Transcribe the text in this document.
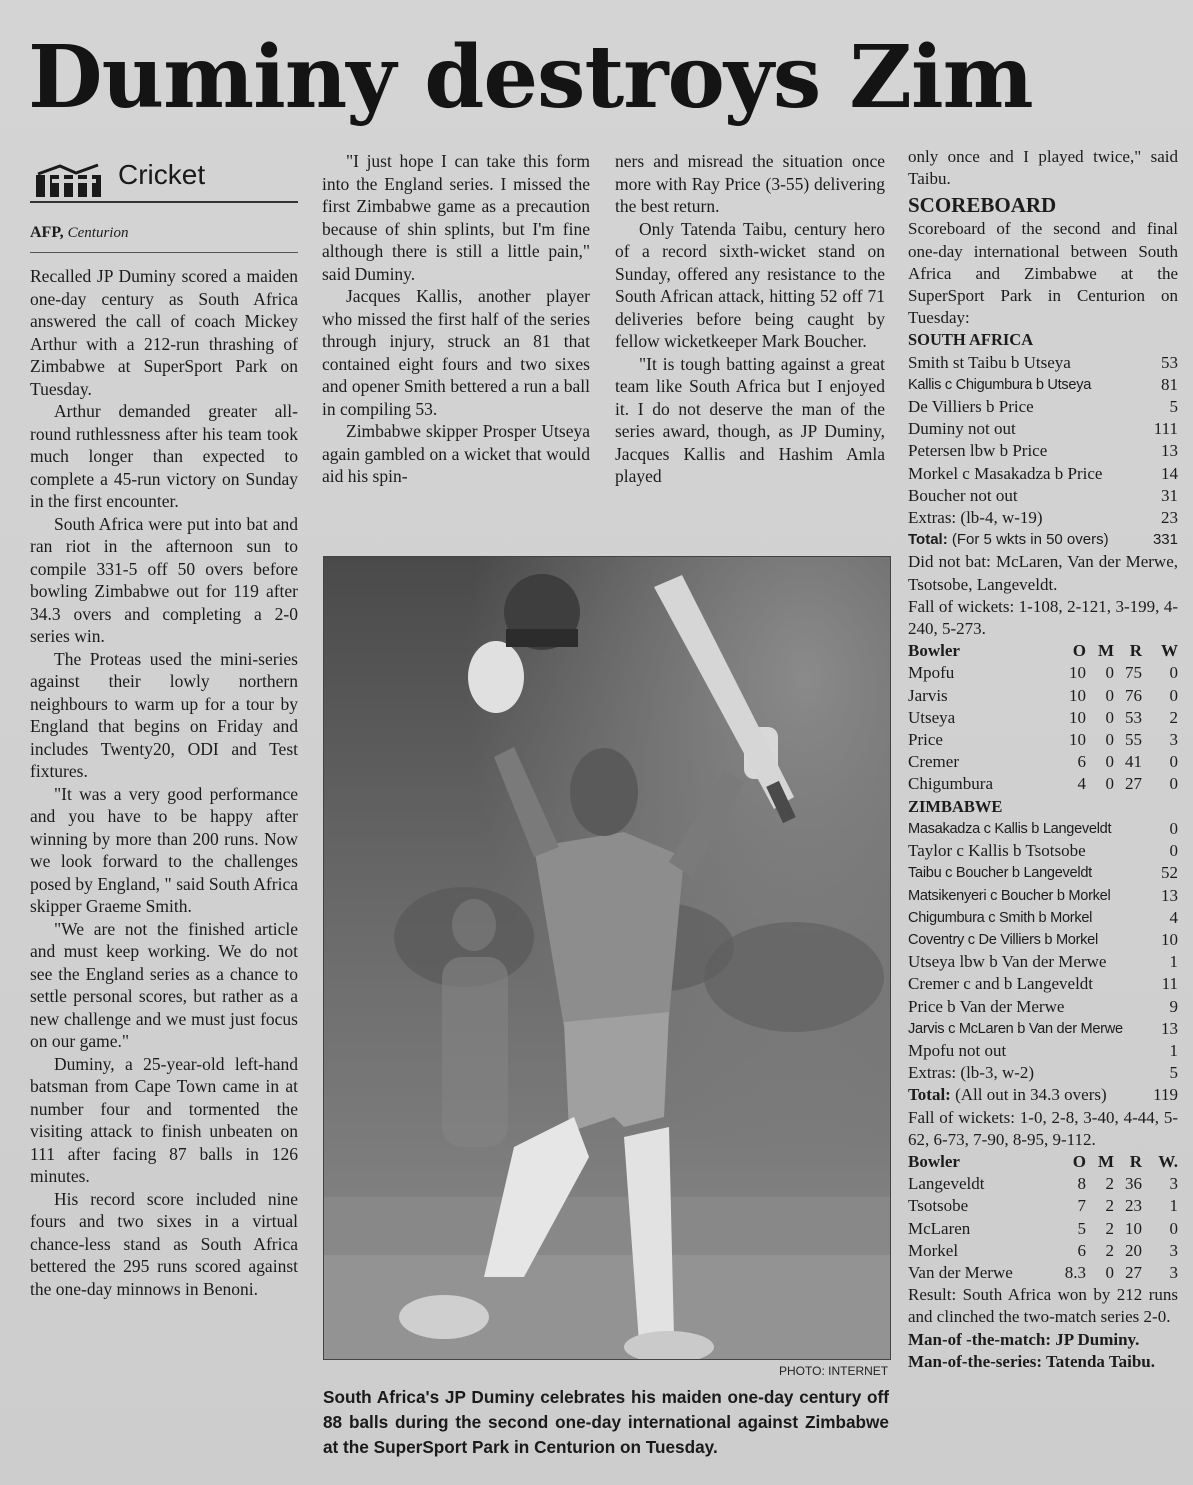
Duminy destroys Zim
Cricket
AFP, Centurion

Recalled JP Duminy scored a maiden one-day century as South Africa answered the call of coach Mickey Arthur with a 212-run thrashing of Zimbabwe at SuperSport Park on Tuesday.

Arthur demanded greater all-round ruthlessness after his team took much longer than expected to complete a 45-run victory on Sunday in the first encounter.

South Africa were put into bat and ran riot in the afternoon sun to compile 331-5 off 50 overs before bowling Zimbabwe out for 119 after 34.3 overs and completing a 2-0 series win.

The Proteas used the mini-series against their lowly northern neighbours to warm up for a tour by England that begins on Friday and includes Twenty20, ODI and Test fixtures.

"It was a very good performance and you have to be happy after winning by more than 200 runs. Now we look forward to the challenges posed by England, " said South Africa skipper Graeme Smith.

"We are not the finished article and must keep working. We do not see the England series as a chance to settle personal scores, but rather as a new challenge and we must just focus on our game."

Duminy, a 25-year-old left-hand batsman from Cape Town came in at number four and tormented the visiting attack to finish unbeaten on 111 after facing 87 balls in 126 minutes.

His record score included nine fours and two sixes in a virtual chance-less stand as South Africa bettered the 295 runs scored against the one-day minnows in Benoni.

"I just hope I can take this form into the England series. I missed the first Zimbabwe game as a precaution because of shin splints, but I'm fine although there is still a little pain," said Duminy.

Jacques Kallis, another player who missed the first half of the series through injury, struck an 81 that contained eight fours and two sixes and opener Smith bettered a run a ball in compiling 53.

Zimbabwe skipper Prosper Utseya again gambled on a wicket that would aid his spin-

ners and misread the situation once more with Ray Price (3-55) delivering the best return.

Only Tatenda Taibu, century hero of a record sixth-wicket stand on Sunday, offered any resistance to the South African attack, hitting 52 off 71 deliveries before being caught by fellow wicketkeeper Mark Boucher.

"It is tough batting against a great team like South Africa but I enjoyed it. I do not deserve the man of the series award, though, as JP Duminy, Jacques Kallis and Hashim Amla played

only once and I played twice," said Taibu.

SCOREBOARD
Scoreboard of the second and final one-day international between South Africa and Zimbabwe at the SuperSport Park in Centurion on Tuesday:
SOUTH AFRICA
Smith st Taibu b Utseya	53
Kallis c Chigumbura b Utseya	81
De Villiers b Price	5
Duminy not out	111
Petersen lbw b Price	13
Morkel c Masakadza b Price	14
Boucher not out	31
Extras: (lb-4, w-19)	23
Total: (For 5 wkts in 50 overs)	331
Did not bat: McLaren, Van der Merwe, Tsotsobe, Langeveldt.
Fall of wickets: 1-108, 2-121, 3-199, 4-240, 5-273.
Bowler	O M R	W
Mpofu	10	0 75	0
Jarvis	10	0 76	0
Utseya	10	0 53	2
Price	10	0 55	3
Cremer	6	0 41	0
Chigumbura	4	0 27	0
ZIMBABWE
Masakadza c Kallis b Langeveldt	0
Taylor c Kallis b Tsotsobe	0
Taibu c Boucher b Langeveldt	52
Matsikenyeri c Boucher b Morkel	13
Chigumbura c Smith b Morkel	4
Coventry c De Villiers b Morkel	10
Utseya lbw b Van der Merwe	1
Cremer c and b Langeveldt	11
Price b Van der Merwe	9
Jarvis c McLaren b Van der Merwe 13
Mpofu not out	1
Extras: (lb-3, w-2)	5
Total: (All out in 34.3 overs)	119
Fall of wickets: 1-0, 2-8, 3-40, 4-44, 5-62, 6-73, 7-90, 8-95, 9-112.
Bowler	O M R W.
Langeveldt	8	2 36	3
Tsotsobe	7	2 23	1
McLaren	5	2 10	0
Morkel	6	2 20	3
Van der Merwe	8.3	0 27	3
Result: South Africa won by 212 runs and clinched the two-match series 2-0.
Man-of -the-match: JP Duminy.
Man-of-the-series: Tatenda Taibu.
PHOTO: INTERNET
South Africa's JP Duminy celebrates his maiden one-day century off 88 balls during the second one-day international against Zimbabwe at the SuperSport Park in Centurion on Tuesday.
